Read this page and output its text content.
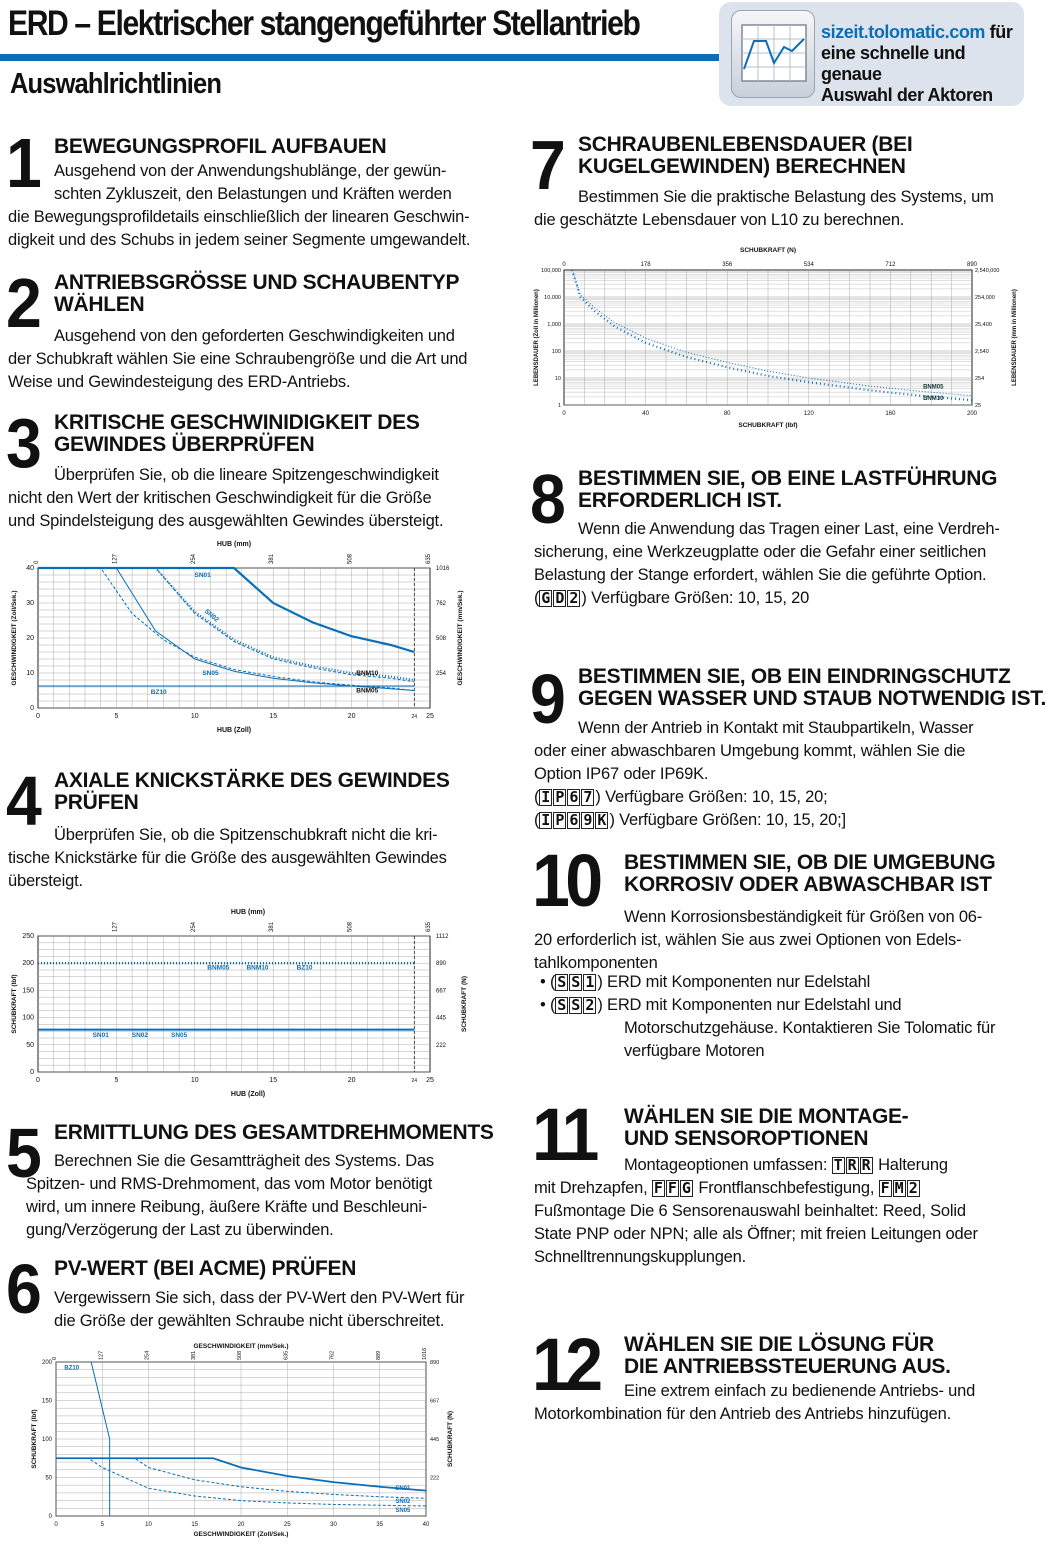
ERD – Elektrischer stangengeführter Stellantrieb
Auswahlrichtlinien
sizeit.tolomatic.com für
eine schnelle und genaue
Auswahl der Aktoren
1 BEWEGUNGSPROFIL AUFBAUEN
Ausgehend von der Anwendungshublänge, der gewün-
schten Zykluszeit, den Belastungen und Kräften werden
die Bewegungsprofildetails einschließlich der linearen Geschwin-
digkeit und des Schubs in jedem seiner Segmente umgewandelt.
2 ANTRIEBSGRÖSSE UND SCHAUBENTYP
WÄHLEN
Ausgehend von den geforderten Geschwindigkeiten und
der Schubkraft wählen Sie eine Schraubengröße und die Art und
Weise und Gewindesteigung des ERD-Antriebs.
3 KRITISCHE GESCHWINIDIGKEIT DES
GEWINDES ÜBERPRÜFEN
Überprüfen Sie, ob die lineare Spitzengeschwindigkeit
nicht den Wert der kritischen Geschwindigkeit für die Größe
und Spindelsteigung des ausgewählten Gewindes übersteigt.
0	5	10	15	20	24 25
0	127	254	381	508	635
0
10
20
30
40
254
508
762
1016
HUB (mm)
HUB (Zoll)
GESCHWINDIGKEIT (Zoll/Sek.)	GESCHWINDIGKEIT (mm/Sek.)
SN01
SN02
BNM10
SN05
BNM05
BZ10
4 AXIALE KNICKSTÄRKE DES GEWINDES
PRÜFEN
Überprüfen Sie, ob die Spitzenschubkraft nicht die kri-
tische Knickstärke für die Größe des ausgewählten Gewindes
übersteigt.
0	5	10	15	20	24 25
127	254	381	508	635
0
50
100
150
200
250
222
445
667
890
1112
HUB (mm)
HUB (Zoll)
SCHUBKRAFT (lbf)	SCHUBKRAFT (N)
BNM05	BNM10	BZ10
SN01	SN02	SN05
5 ERMITTLUNG DES GESAMTDREHMOMENTS
Berechnen Sie die Gesamtträgheit des Systems. Das
Spitzen- und RMS-Drehmoment, das vom Motor benötigt
wird, um innere Reibung, äußere Kräfte und Beschleuni-
gung/Verzögerung der Last zu überwinden.
6 PV-WERT (BEI ACME) PRÜFEN
Vergewissern Sie sich, dass der PV-Wert den PV-Wert für
die Größe der gewählten Schraube nicht überschreitet.
0	5	10	15	20	25	30	35	40
0	127	254	381	508	635	762	889	1016
0
50
100
150
200
222
445
667
890
GESCHWINDIGKEIT (mm/Sek.)
GESCHWINDIGKEIT (Zoll/Sek.)
SCHUBKRAFT (lbf)	SCHUBKRAFT (N)
BZ10
SN01
SN02
SN05
7 SCHRAUBENLEBENSDAUER (BEI
KUGELGEWINDEN) BERECHNEN
Bestimmen Sie die praktische Belastung des Systems, um
die geschätzte Lebensdauer von L10 zu berechnen.
0	40	80	120	160	200
0	178	356	534	712	890
1
10
100
1,000
10,000
100,000
25
254
2,540
25,400
254,000
2,540,000
SCHUBKRAFT (N)
SCHUBKRAFT (lbf)
LEBENSDAUER (Zoll in Millionen)	LEBENSDAUER (mm in Millionen)
BNM05
BNM10
8 BESTIMMEN SIE, OB EINE LASTFÜHRUNG
ERFORDERLICH IST.
Wenn die Anwendung das Tragen einer Last, eine Verdreh-
sicherung, eine Werkzeugplatte oder die Gefahr einer seitlichen
Belastung der Stange erfordert, wählen Sie die geführte Option.
( G D 2 ) Verfügbare Größen: 10, 15, 20
9 BESTIMMEN SIE, OB EIN EINDRINGSCHUTZ
GEGEN WASSER UND STAUB NOTWENDIG IST.
Wenn der Antrieb in Kontakt mit Staubpartikeln, Wasser
oder einer abwaschbaren Umgebung kommt, wählen Sie die
Option IP67 oder IP69K.
( I P 6 7 ) Verfügbare Größen: 10, 15, 20;
( I P 6 9 K ) Verfügbare Größen: 10, 15, 20;]
10 BESTIMMEN SIE, OB DIE UMGEBUNG
KORROSIV ODER ABWASCHBAR IST
Wenn Korrosionsbeständigkeit für Größen von 06-
20 erforderlich ist, wählen Sie aus zwei Optionen von Edels-
tahlkomponenten
• ( S S 1 ) ERD mit Komponenten nur Edelstahl
• ( S S 2 ) ERD mit Komponenten nur Edelstahl und
Motorschutzgehäuse. Kontaktieren Sie Tolomatic für
verfügbare Motoren
11 WÄHLEN SIE DIE MONTAGE-
UND SENSOROPTIONEN
Montageoptionen umfassen: T R R Halterung
mit Drehzapfen, F F G Frontflanschbefestigung, F M 2
Fußmontage Die 6 Sensorenauswahl beinhaltet: Reed, Solid
State PNP oder NPN; alle als Öffner; mit freien Leitungen oder
Schnelltrennungskupplungen.
12 WÄHLEN SIE DIE LÖSUNG FÜR
DIE ANTRIEBSSTEUERUNG AUS.
Eine extrem einfach zu bedienende Antriebs- und
Motorkombination für den Antrieb des Antriebs hinzufügen.
